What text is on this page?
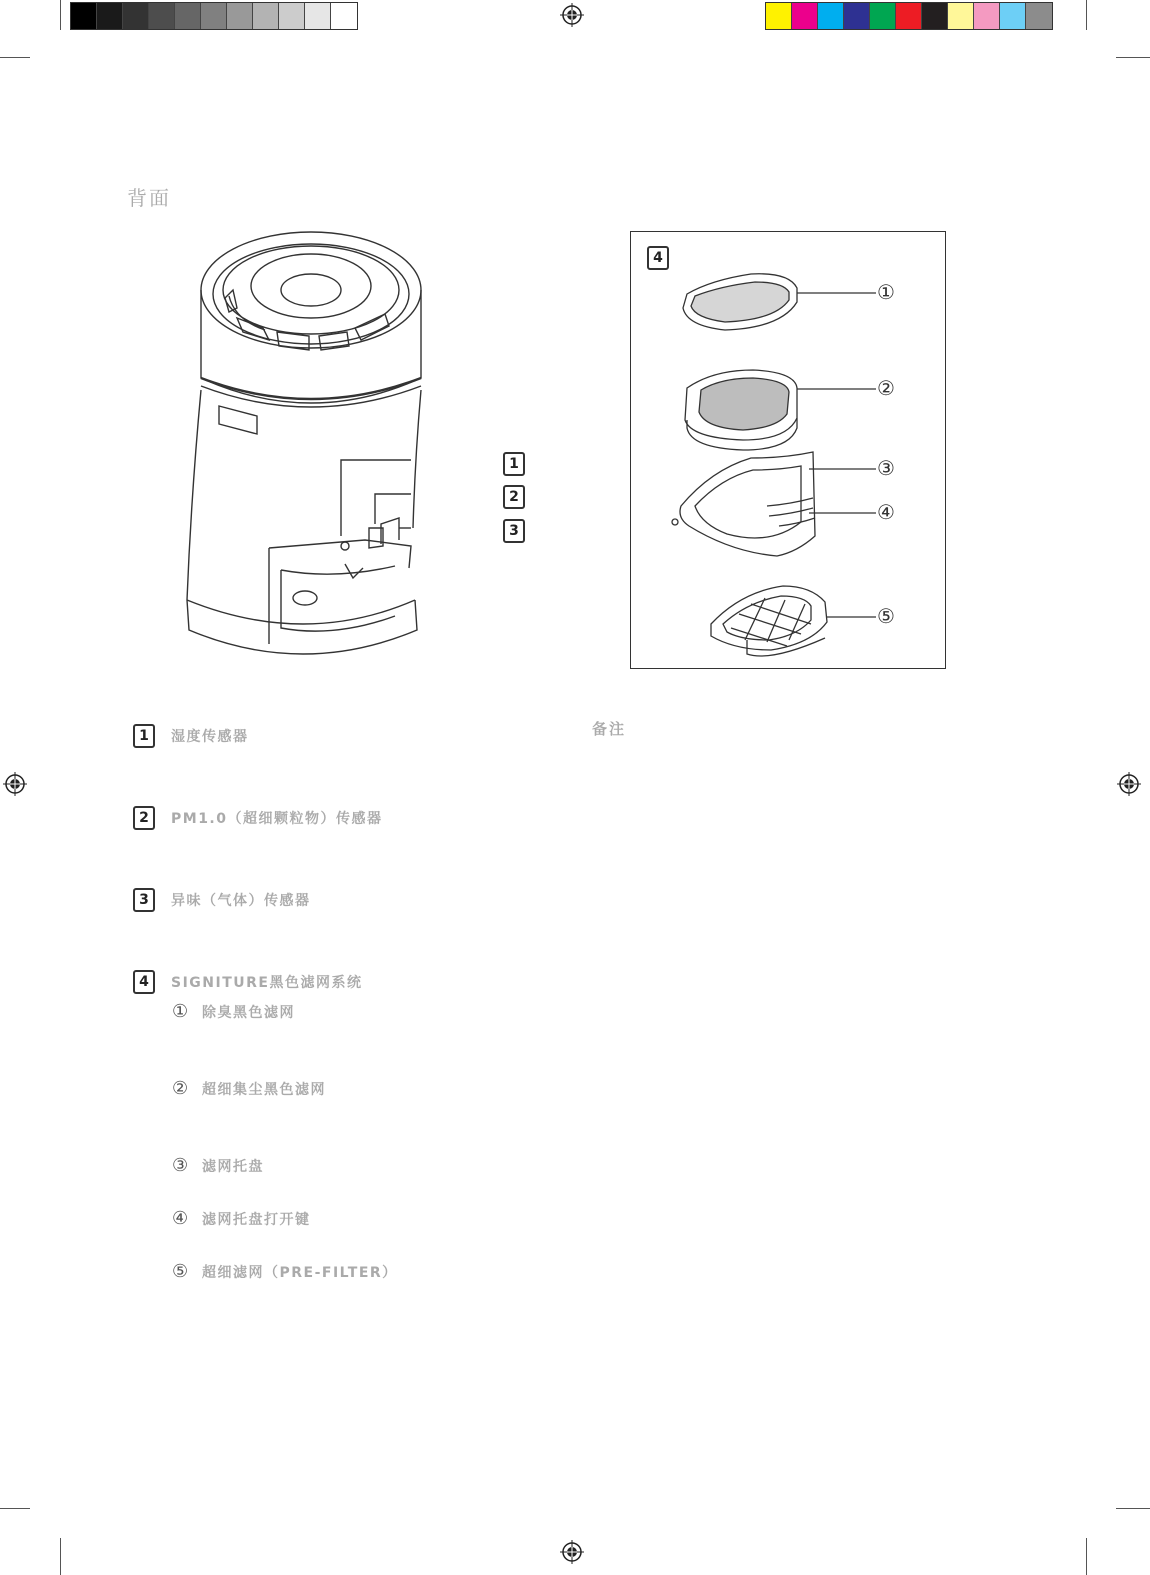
背面
1
2
3
4
①
②
③
④
⑤
1	湿度传感器
2	PM1.0（超细颗粒物）传感器
3	异味（气体）传感器
4	SIGNITURE黑色滤网系统
① 除臭黑色滤网
② 超细集尘黑色滤网
③ 滤网托盘
④ 滤网托盘打开键
⑤ 超细滤网（PRE-FILTER）
备注
